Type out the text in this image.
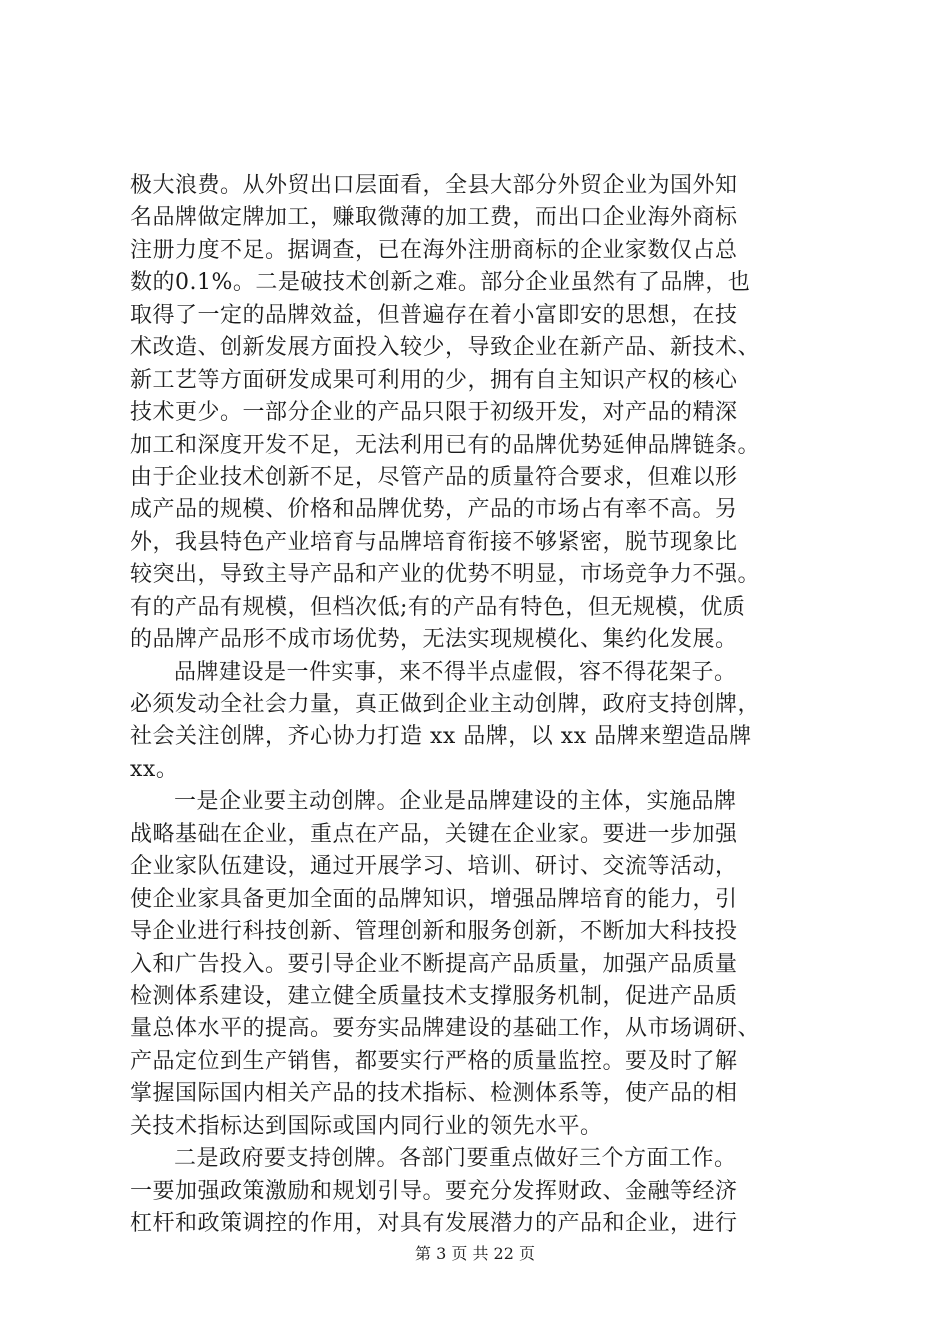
极大浪费。从外贸出口层面看，全县大部分外贸企业为国外知
名品牌做定牌加工，赚取微薄的加工费，而出口企业海外商标
注册力度不足。据调查，已在海外注册商标的企业家数仅占总
数的0.1%。二是破技术创新之难。部分企业虽然有了品牌，也
取得了一定的品牌效益，但普遍存在着小富即安的思想，在技
术改造、创新发展方面投入较少，导致企业在新产品、新技术、
新工艺等方面研发成果可利用的少，拥有自主知识产权的核心
技术更少。一部分企业的产品只限于初级开发，对产品的精深
加工和深度开发不足，无法利用已有的品牌优势延伸品牌链条。
由于企业技术创新不足，尽管产品的质量符合要求，但难以形
成产品的规模、价格和品牌优势，产品的市场占有率不高。另
外，我县特色产业培育与品牌培育衔接不够紧密，脱节现象比
较突出，导致主导产品和产业的优势不明显，市场竞争力不强。
有的产品有规模，但档次低;有的产品有特色，但无规模，优质
的品牌产品形不成市场优势，无法实现规模化、集约化发展。
品牌建设是一件实事，来不得半点虚假，容不得花架子。
必须发动全社会力量，真正做到企业主动创牌，政府支持创牌，
社会关注创牌，齐心协力打造 xx 品牌，以 xx 品牌来塑造品牌
xx。
一是企业要主动创牌。企业是品牌建设的主体，实施品牌
战略基础在企业，重点在产品，关键在企业家。要进一步加强
企业家队伍建设，通过开展学习、培训、研讨、交流等活动，
使企业家具备更加全面的品牌知识，增强品牌培育的能力，引
导企业进行科技创新、管理创新和服务创新，不断加大科技投
入和广告投入。要引导企业不断提高产品质量，加强产品质量
检测体系建设，建立健全质量技术支撑服务机制，促进产品质
量总体水平的提高。要夯实品牌建设的基础工作，从市场调研、
产品定位到生产销售，都要实行严格的质量监控。要及时了解
掌握国际国内相关产品的技术指标、检测体系等，使产品的相
关技术指标达到国际或国内同行业的领先水平。
二是政府要支持创牌。各部门要重点做好三个方面工作。
一要加强政策激励和规划引导。要充分发挥财政、金融等经济
杠杆和政策调控的作用，对具有发展潜力的产品和企业，进行
第 3 页 共 22 页
